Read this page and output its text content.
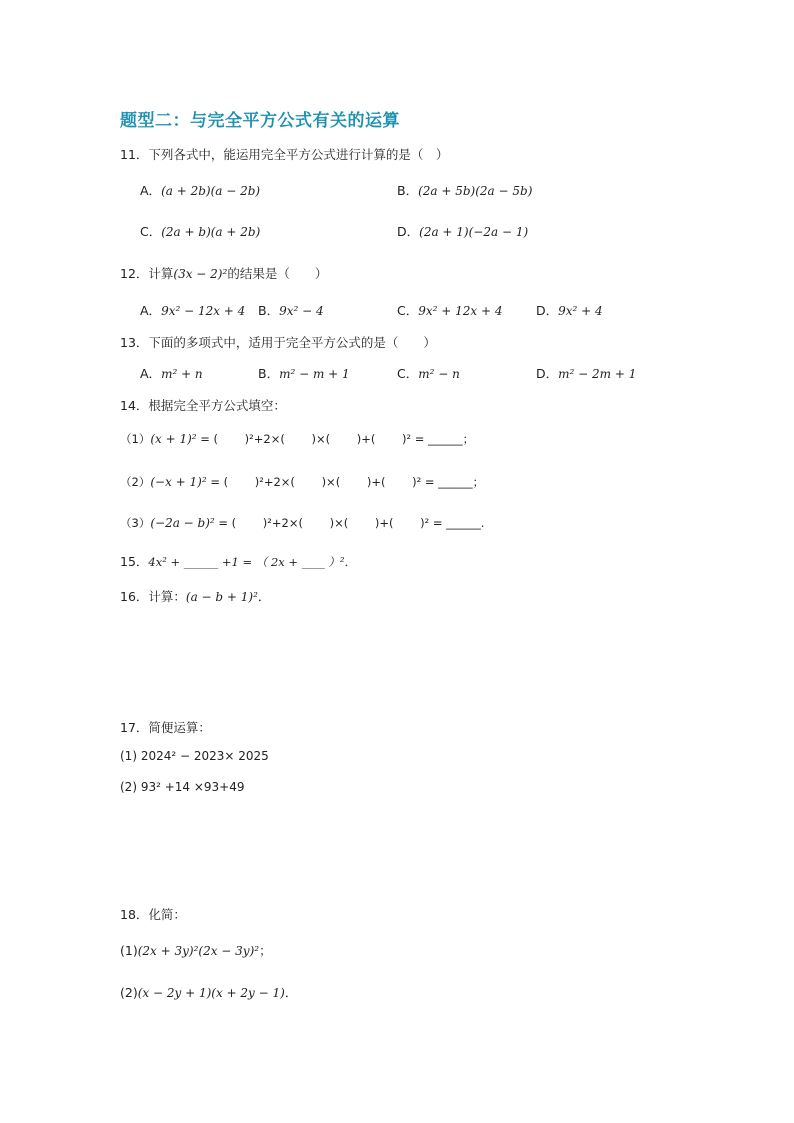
题型二：与完全平方公式有关的运算
11．下列各式中，能运用完全平方公式进行计算的是（　）
A．(a + 2b)(a − 2b)	B．(2a + 5b)(2a − 5b)
C．(2a + b)(a + 2b)	D．(2a + 1)(−2a − 1)
12．计算(3x − 2)²的结果是（　　）
A．9x² − 12x + 4 B．9x² − 4	C．9x² + 12x + 4	D．9x² + 4
13．下面的多项式中，适用于完全平方公式的是（　　）
A．m² + n	B．m² − m + 1	C．m² − n	D．m² − 2m + 1
14．根据完全平方公式填空：
（1）(x + 1)² = (　　 )²+2×(　　 )×(　　 )+(　　 )² = ______；
（2）(−x + 1)² = (　　 )²+2×(　　 )×(　　 )+(　　 )² = ______；
（3）(−2a − b)² = (　　 )²+2×(　　 )×(　　 )+(　　 )² = ______.
15．4x² + ______ +1 = （ 2x + ____ ）²．
16．计算：(a − b + 1)²．
17．简便运算：
(1) 2024² − 2023× 2025
(2) 93² +14 ×93+49
18．化简：
(1)(2x + 3y)²(2x − 3y)²；
(2)(x − 2y + 1)(x + 2y − 1)．
